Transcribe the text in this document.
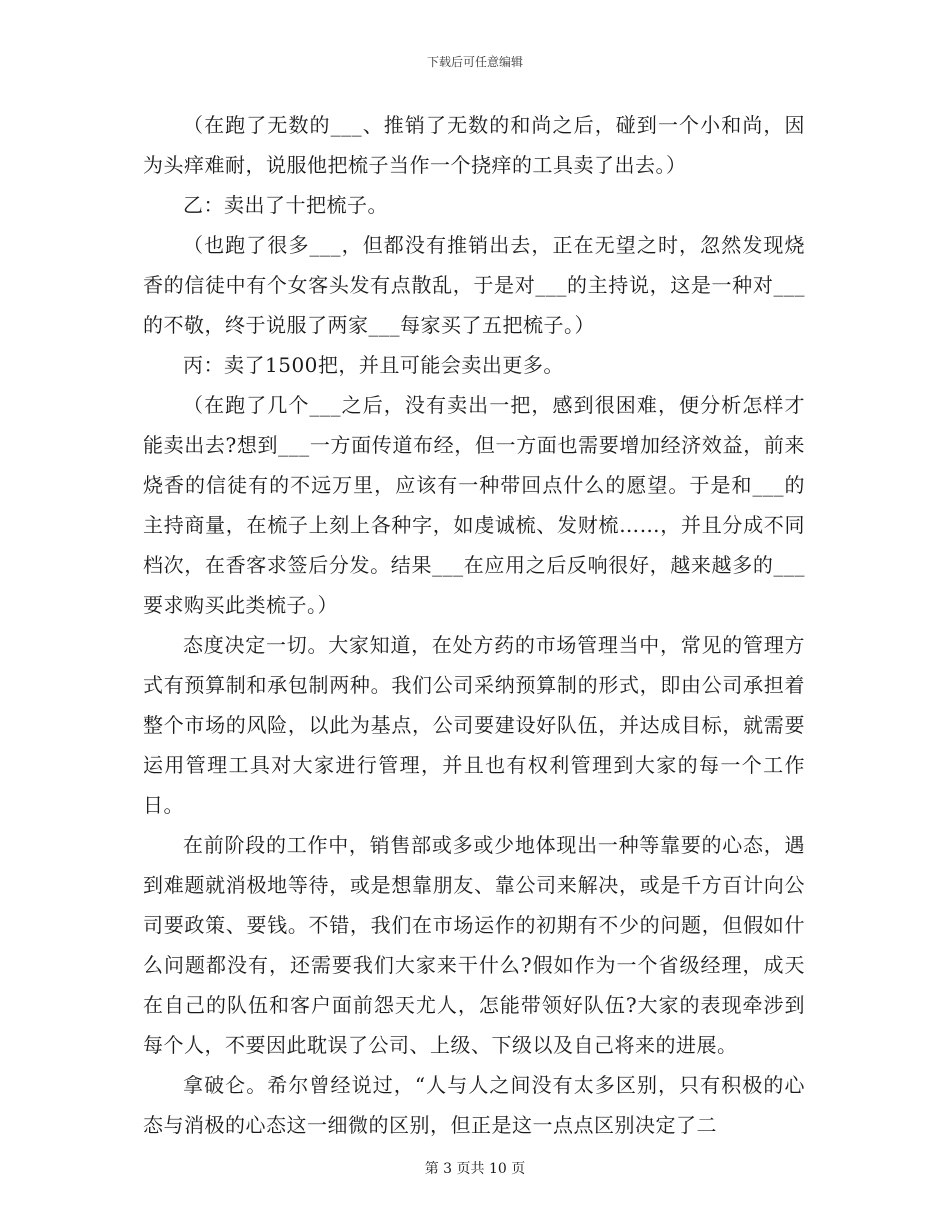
下载后可任意编辑

（在跑了无数的___、推销了无数的和尚之后，碰到一个小和尚，因为头痒难耐，说服他把梳子当作一个挠痒的工具卖了出去。）

乙：卖出了十把梳子。

（也跑了很多___，但都没有推销出去，正在无望之时，忽然发现烧香的信徒中有个女客头发有点散乱，于是对___的主持说，这是一种对___的不敬，终于说服了两家___每家买了五把梳子。）

丙：卖了1500把，并且可能会卖出更多。

（在跑了几个___之后，没有卖出一把，感到很困难，便分析怎样才能卖出去?想到___一方面传道布经，但一方面也需要增加经济效益，前来烧香的信徒有的不远万里，应该有一种带回点什么的愿望。于是和___的主持商量，在梳子上刻上各种字，如虔诚梳、发财梳……，并且分成不同档次，在香客求签后分发。结果___在应用之后反响很好，越来越多的___要求购买此类梳子。）

态度决定一切。大家知道，在处方药的市场管理当中，常见的管理方式有预算制和承包制两种。我们公司采纳预算制的形式，即由公司承担着整个市场的风险，以此为基点，公司要建设好队伍，并达成目标，就需要运用管理工具对大家进行管理，并且也有权利管理到大家的每一个工作日。

在前阶段的工作中，销售部或多或少地体现出一种等靠要的心态，遇到难题就消极地等待，或是想靠朋友、靠公司来解决，或是千方百计向公司要政策、要钱。不错，我们在市场运作的初期有不少的问题，但假如什么问题都没有，还需要我们大家来干什么?假如作为一个省级经理，成天在自己的队伍和客户面前怨天尤人，怎能带领好队伍?大家的表现牵涉到每个人，不要因此耽误了公司、上级、下级以及自己将来的进展。

拿破仑。希尔曾经说过，“人与人之间没有太多区别，只有积极的心态与消极的心态这一细微的区别，但正是这一点点区别决定了二

第 3 页共 10 页
